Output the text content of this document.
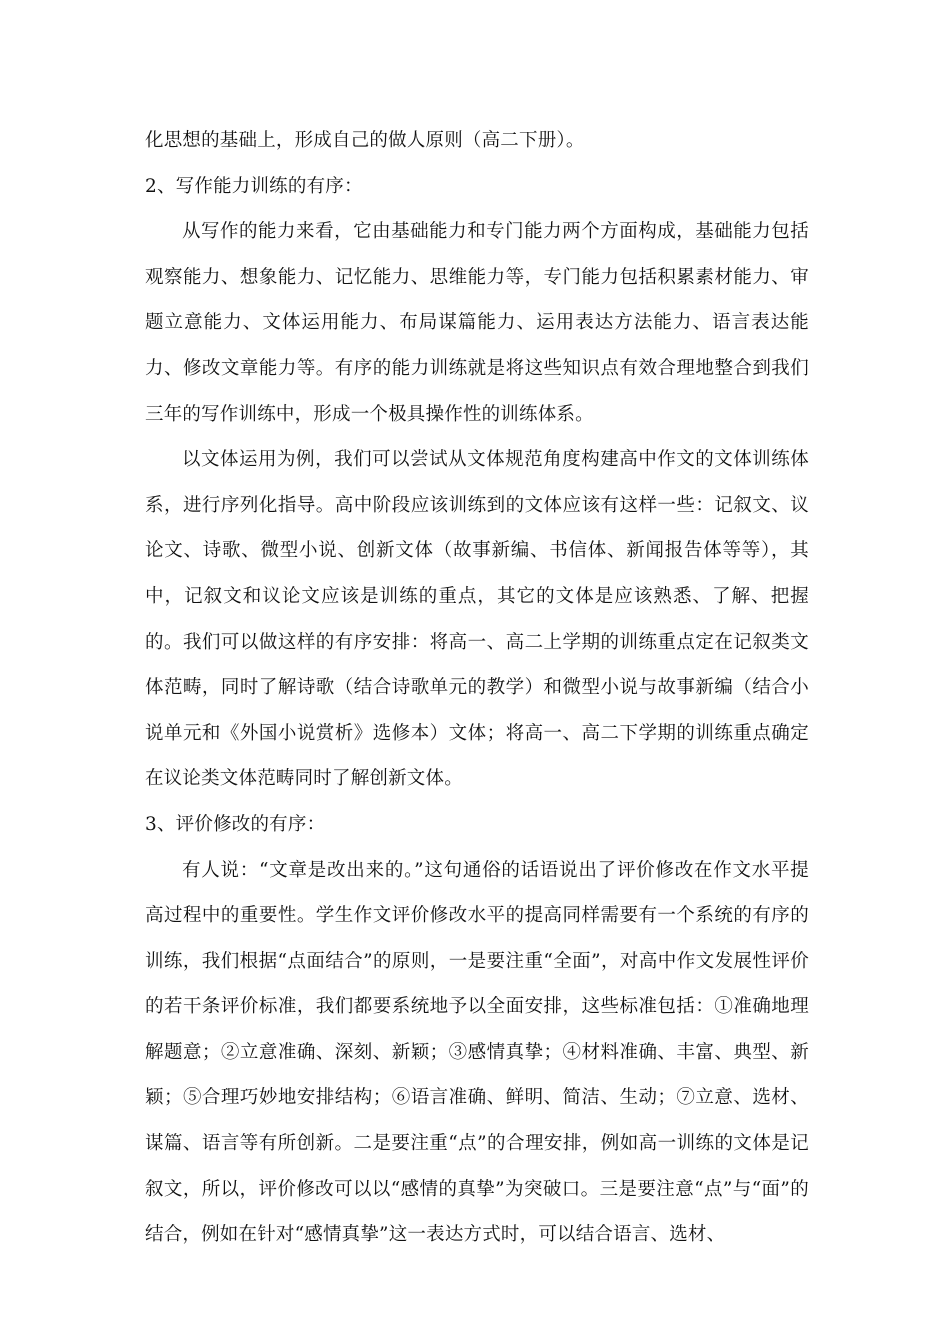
化思想的基础上，形成自己的做人原则（高二下册）。

2、写作能力训练的有序：

从写作的能力来看，它由基础能力和专门能力两个方面构成，基础能力包括观察能力、想象能力、记忆能力、思维能力等，专门能力包括积累素材能力、审题立意能力、文体运用能力、布局谋篇能力、运用表达方法能力、语言表达能力、修改文章能力等。有序的能力训练就是将这些知识点有效合理地整合到我们三年的写作训练中，形成一个极具操作性的训练体系。

以文体运用为例，我们可以尝试从文体规范角度构建高中作文的文体训练体系，进行序列化指导。高中阶段应该训练到的文体应该有这样一些：记叙文、议论文、诗歌、微型小说、创新文体（故事新编、书信体、新闻报告体等等），其中，记叙文和议论文应该是训练的重点，其它的文体是应该熟悉、了解、把握的。我们可以做这样的有序安排：将高一、高二上学期的训练重点定在记叙类文体范畴，同时了解诗歌（结合诗歌单元的教学）和微型小说与故事新编（结合小说单元和《外国小说赏析》选修本）文体；将高一、高二下学期的训练重点确定在议论类文体范畴同时了解创新文体。

3、评价修改的有序：

有人说：“文章是改出来的。”这句通俗的话语说出了评价修改在作文水平提高过程中的重要性。学生作文评价修改水平的提高同样需要有一个系统的有序的训练，我们根据“点面结合”的原则，一是要注重“全面”，对高中作文发展性评价的若干条评价标准，我们都要系统地予以全面安排，这些标准包括：①准确地理解题意；②立意准确、深刻、新颖；③感情真挚；④材料准确、丰富、典型、新颖；⑤合理巧妙地安排结构；⑥语言准确、鲜明、简洁、生动；⑦立意、选材、谋篇、语言等有所创新。二是要注重“点”的合理安排，例如高一训练的文体是记叙文，所以，评价修改可以以“感情的真挚”为突破口。三是要注意“点”与“面”的结合，例如在针对“感情真挚”这一表达方式时，可以结合语言、选材、
